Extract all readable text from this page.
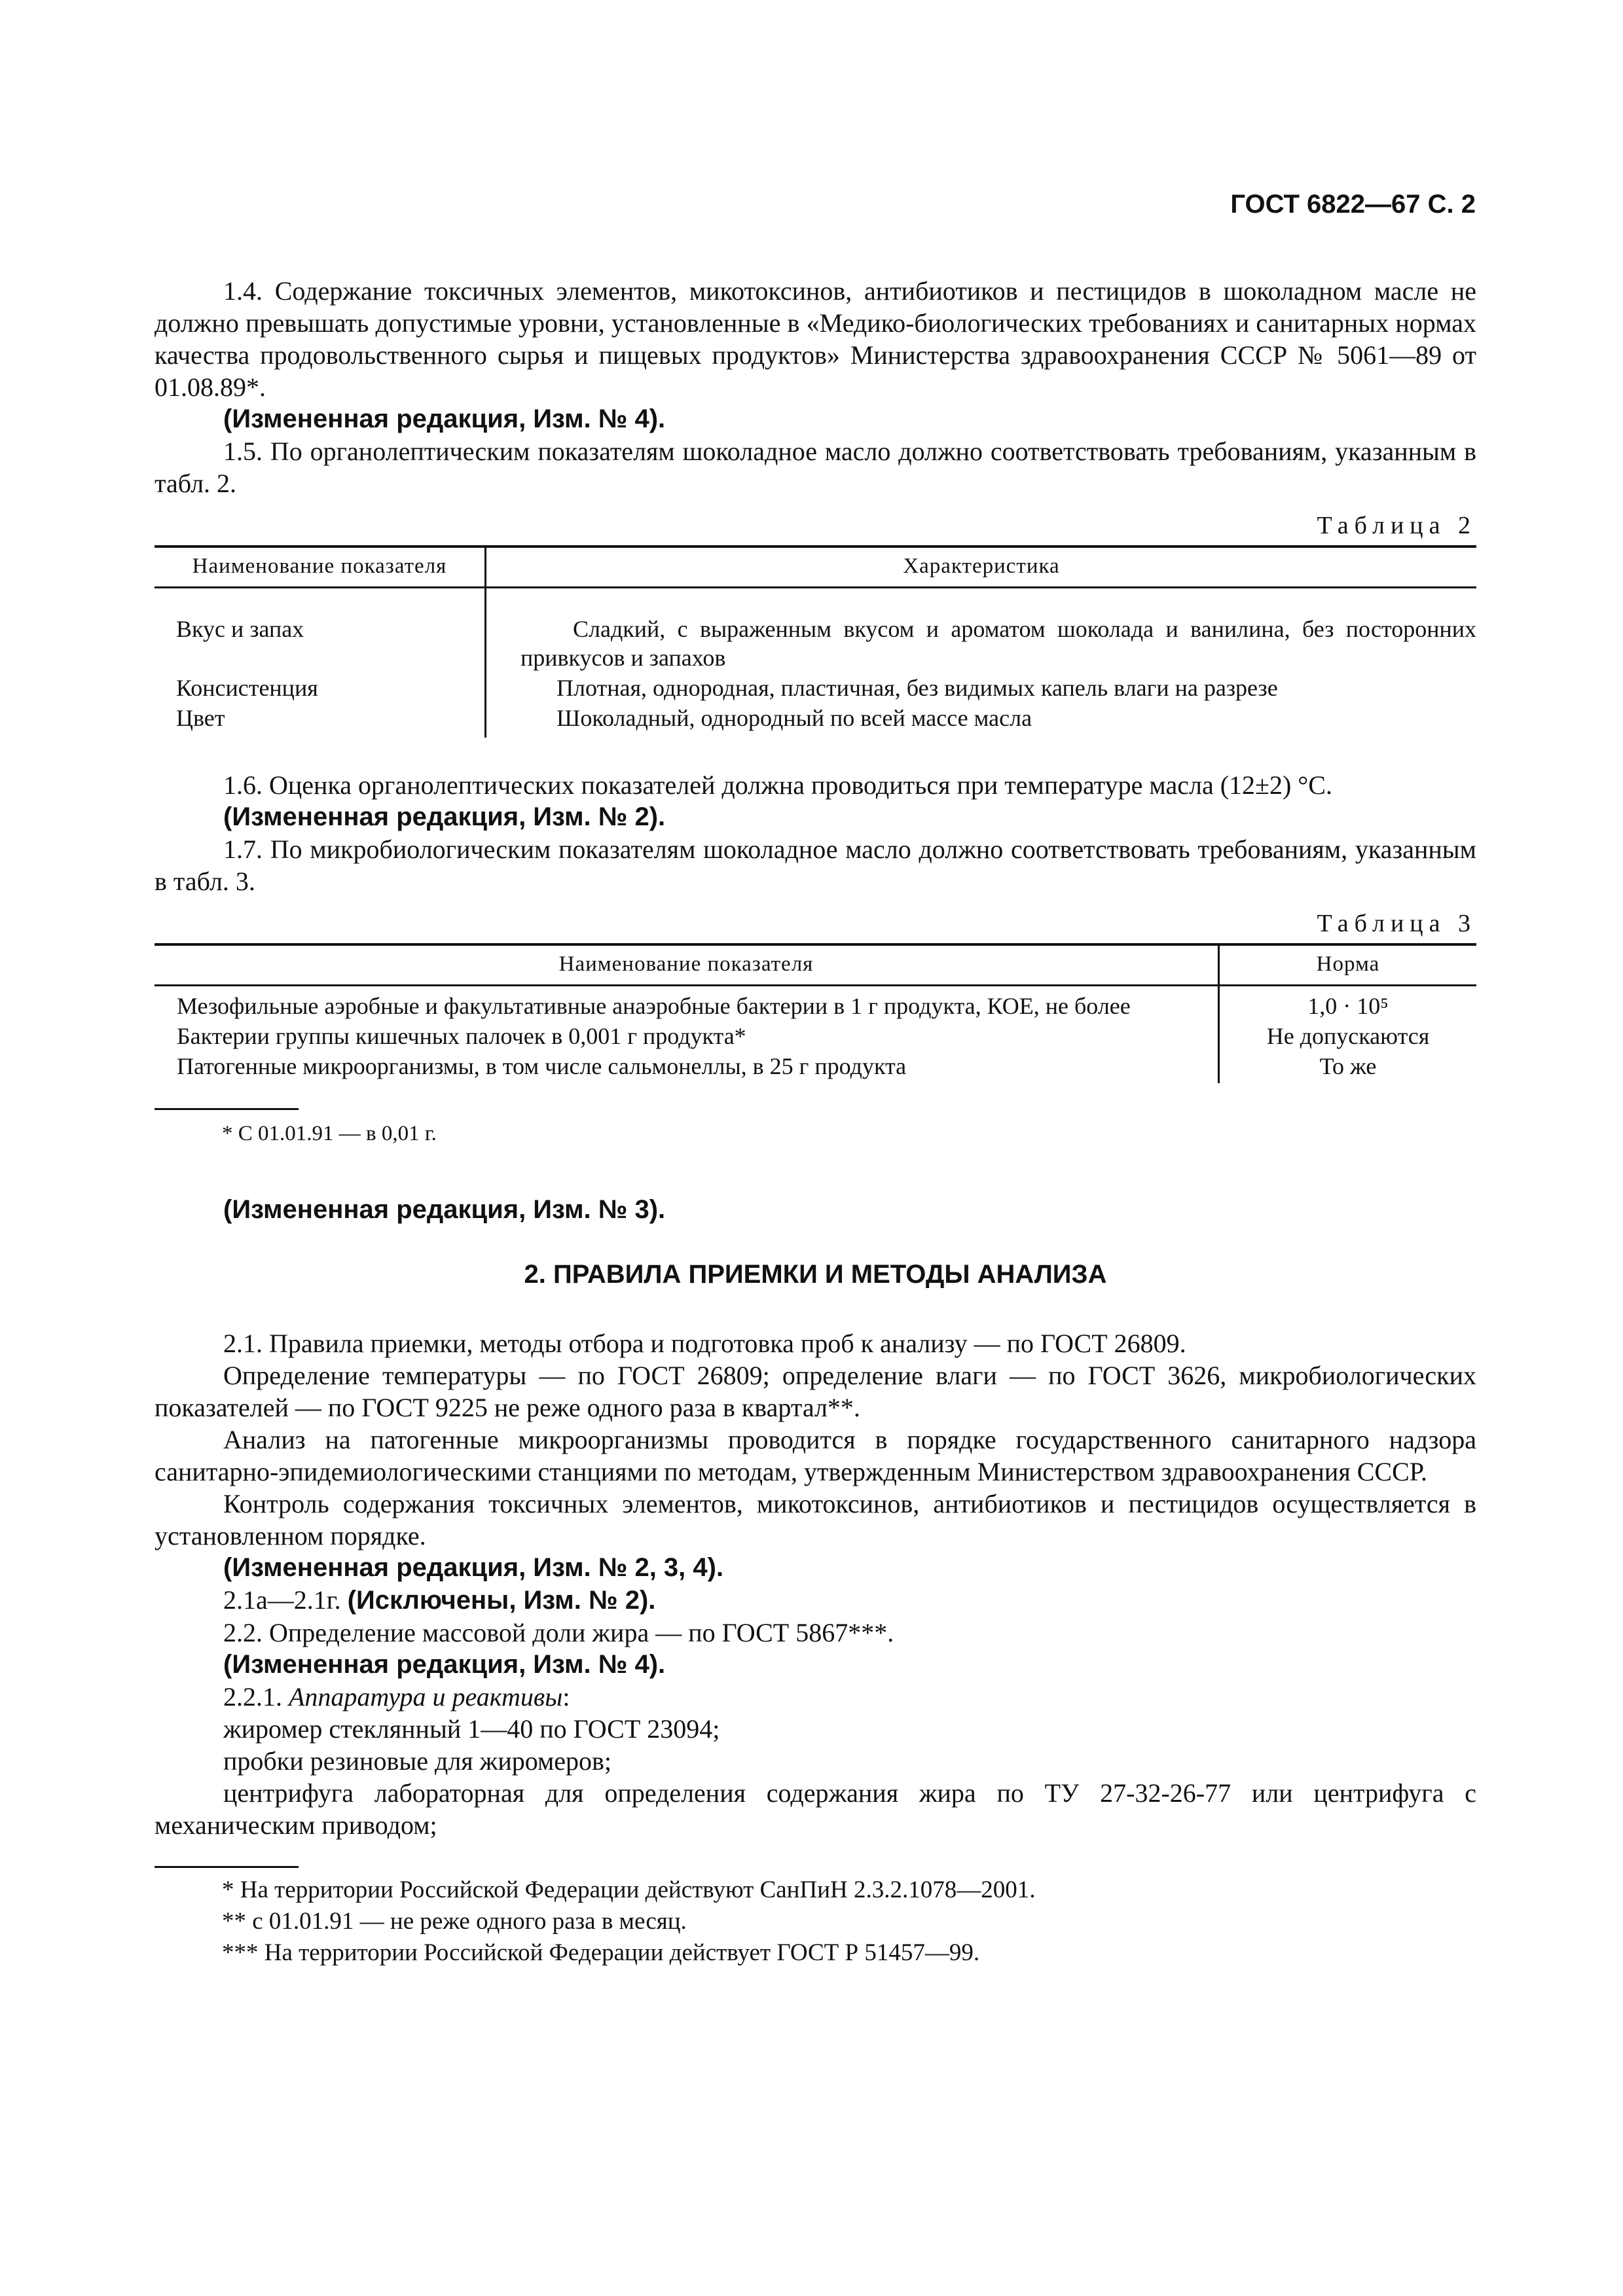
ГОСТ 6822—67 С. 2

1.4. Содержание токсичных элементов, микотоксинов, антибиотиков и пестицидов в шоколадном масле не должно превышать допустимые уровни, установленные в «Медико-биологических требованиях и санитарных нормах качества продовольственного сырья и пищевых продуктов» Министерства здравоохранения СССР № 5061—89 от 01.08.89*.

(Измененная редакция, Изм. № 4).

1.5. По органолептическим показателям шоколадное масло должно соответствовать требованиям, указанным в табл. 2.

Таблица 2
Наименование показателя	Характеристика
Вкус и запах	Сладкий, с выраженным вкусом и ароматом шоколада и ванилина, без посторонних привкусов и запахов
Консистенция	Плотная, однородная, пластичная, без видимых капель влаги на разрезе
Цвет	Шоколадный, однородный по всей массе масла

1.6. Оценка органолептических показателей должна проводиться при температуре масла (12±2) °С.

(Измененная редакция, Изм. № 2).

1.7. По микробиологическим показателям шоколадное масло должно соответствовать требованиям, указанным в табл. 3.

Таблица 3
Наименование показателя	Норма
Мезофильные аэробные и факультативные анаэробные бактерии в 1 г продукта, КОЕ, не более	1,0 · 10⁵
Бактерии группы кишечных палочек в 0,001 г продукта*	Не допускаются
Патогенные микроорганизмы, в том числе сальмонеллы, в 25 г продукта	То же

* С 01.01.91 — в 0,01 г.

(Измененная редакция, Изм. № 3).

2. ПРАВИЛА ПРИЕМКИ И МЕТОДЫ АНАЛИЗА

2.1. Правила приемки, методы отбора и подготовка проб к анализу — по ГОСТ 26809.

Определение температуры — по ГОСТ 26809; определение влаги — по ГОСТ 3626, микробиологических показателей — по ГОСТ 9225 не реже одного раза в квартал**.

Анализ на патогенные микроорганизмы проводится в порядке государственного санитарного надзора санитарно-эпидемиологическими станциями по методам, утвержденным Министерством здравоохранения СССР.

Контроль содержания токсичных элементов, микотоксинов, антибиотиков и пестицидов осуществляется в установленном порядке.

(Измененная редакция, Изм. № 2, 3, 4).

2.1а—2.1г. (Исключены, Изм. № 2).

2.2. Определение массовой доли жира — по ГОСТ 5867***.

(Измененная редакция, Изм. № 4).

2.2.1. Аппаратура и реактивы:

жиромер стеклянный 1—40 по ГОСТ 23094;

пробки резиновые для жиромеров;

центрифуга лабораторная для определения содержания жира по ТУ 27-32-26-77 или центрифуга с механическим приводом;

* На территории Российской Федерации действуют СанПиН 2.3.2.1078—2001.

** с 01.01.91 — не реже одного раза в месяц.

*** На территории Российской Федерации действует ГОСТ Р 51457—99.
